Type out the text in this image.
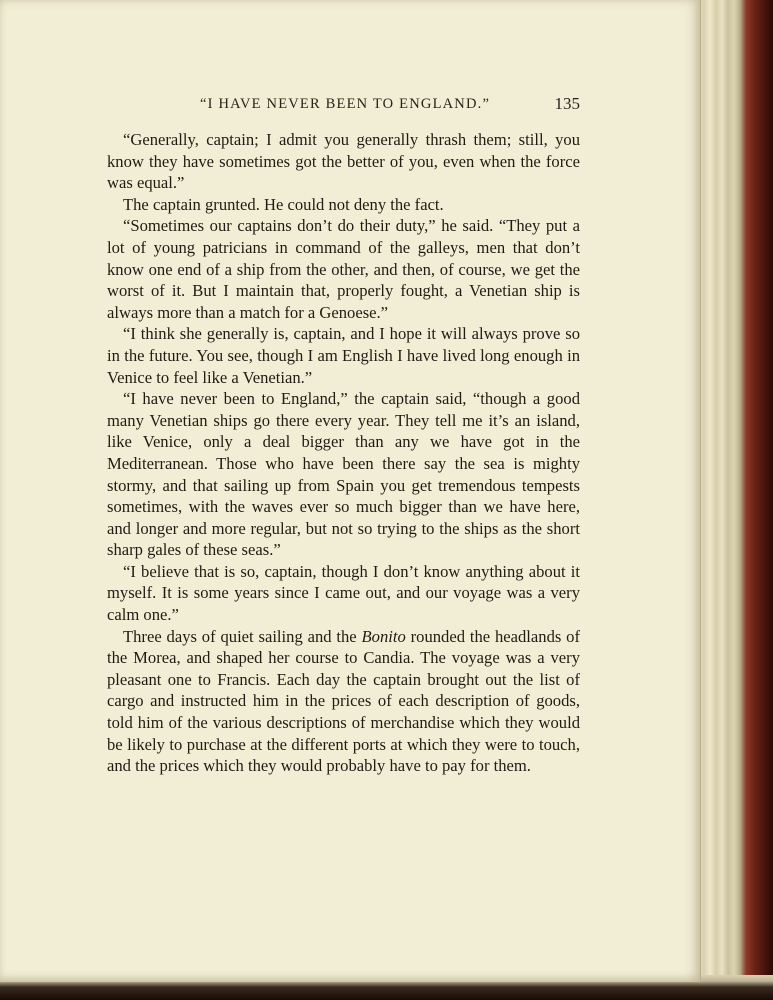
“I HAVE NEVER BEEN TO ENGLAND.”	135

“Generally, captain; I admit you generally thrash them; still, you know they have sometimes got the better of you, even when the force was equal.”

The captain grunted. He could not deny the fact.

“Sometimes our captains don’t do their duty,” he said. “They put a lot of young patricians in command of the galleys, men that don’t know one end of a ship from the other, and then, of course, we get the worst of it. But I maintain that, properly fought, a Venetian ship is always more than a match for a Genoese.”

“I think she generally is, captain, and I hope it will always prove so in the future. You see, though I am English I have lived long enough in Venice to feel like a Venetian.”

“I have never been to England,” the captain said, “though a good many Venetian ships go there every year. They tell me it’s an island, like Venice, only a deal bigger than any we have got in the Mediterranean. Those who have been there say the sea is mighty stormy, and that sailing up from Spain you get tremendous tempests sometimes, with the waves ever so much bigger than we have here, and longer and more regular, but not so trying to the ships as the short sharp gales of these seas.”

“I believe that is so, captain, though I don’t know anything about it myself. It is some years since I came out, and our voyage was a very calm one.”

Three days of quiet sailing and the Bonito rounded the headlands of the Morea, and shaped her course to Candia. The voyage was a very pleasant one to Francis. Each day the captain brought out the list of cargo and instructed him in the prices of each description of goods, told him of the various descriptions of merchandise which they would be likely to purchase at the different ports at which they were to touch, and the prices which they would probably have to pay for them.
